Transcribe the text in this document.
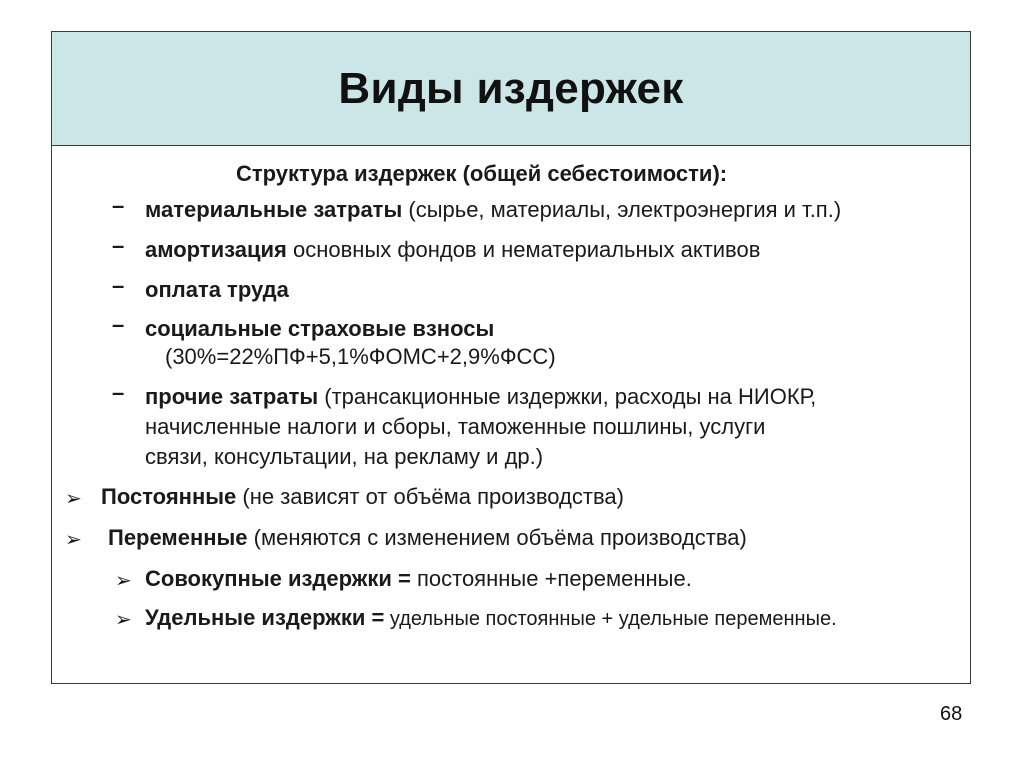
Виды издержек
Структура издержек (общей себестоимости):
– материальные затраты (сырье, материалы, электроэнергия и т.п.)
– амортизация основных фондов и нематериальных активов
– оплата труда
– социальные страховые взносы
(30%=22%ПФ+5,1%ФОМС+2,9%ФСС)
– прочие затраты (трансакционные издержки, расходы на НИОКР,
начисленные налоги и сборы, таможенные пошлины, услуги
связи, консультации, на рекламу и др.)
➢ Постоянные (не зависят от объёма производства)
➢ Переменные (меняются с изменением объёма производства)
➢ Совокупные издержки = постоянные +переменные.
➢ Удельные издержки = удельные постоянные + удельные переменные.
68
